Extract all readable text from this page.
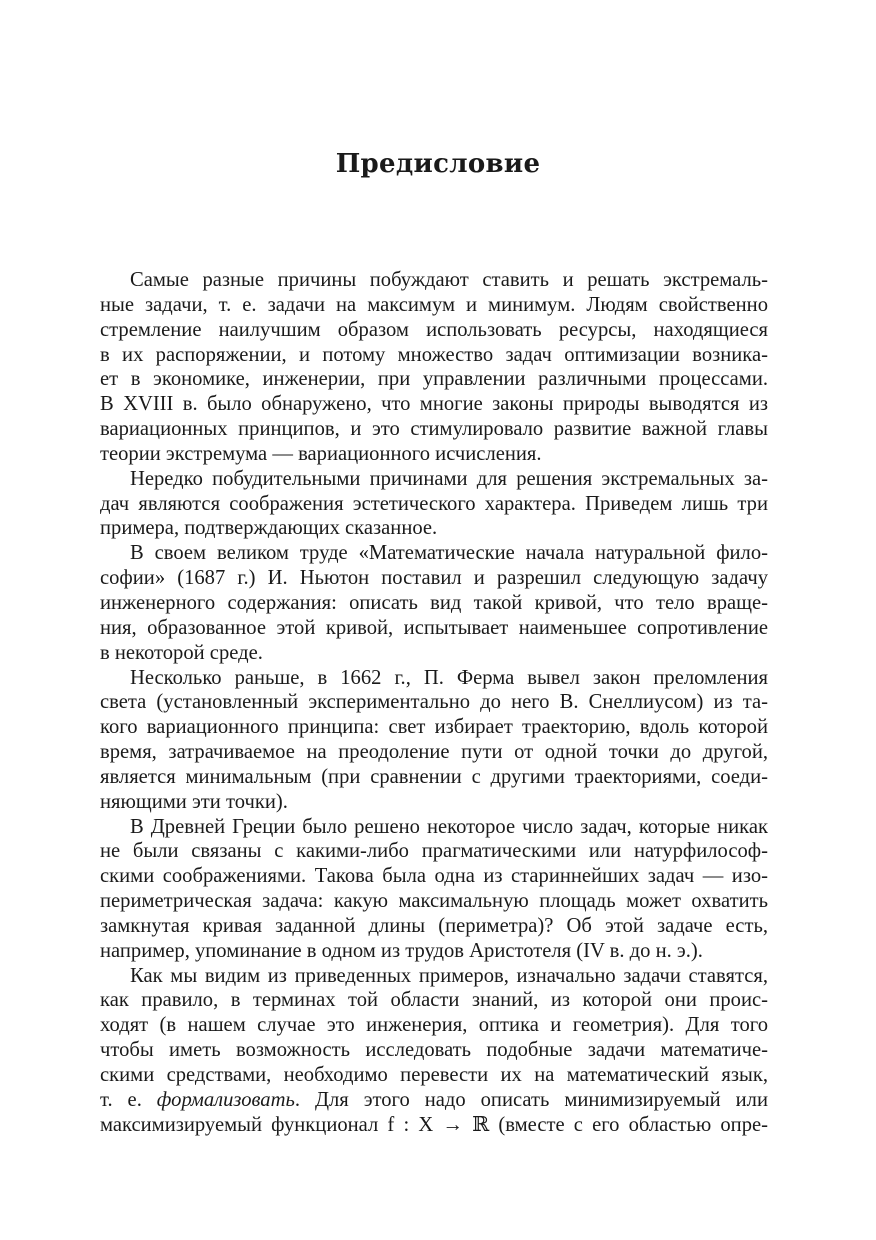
Предисловие
Самые разные причины побуждают ставить и решать экстремаль-
ные задачи, т. е. задачи на максимум и минимум. Людям свойственно
стремление наилучшим образом использовать ресурсы, находящиеся
в их распоряжении, и потому множество задач оптимизации возника-
ет в экономике, инженерии, при управлении различными процессами.
В XVIII в. было обнаружено, что многие законы природы выводятся из
вариационных принципов, и это стимулировало развитие важной главы
теории экстремума — вариационного исчисления.
Нередко побудительными причинами для решения экстремальных за-
дач являются соображения эстетического характера. Приведем лишь три
примера, подтверждающих сказанное.
В своем великом труде «Математические начала натуральной фило-
софии» (1687 г.) И. Ньютон поставил и разрешил следующую задачу
инженерного содержания: описать вид такой кривой, что тело враще-
ния, образованное этой кривой, испытывает наименьшее сопротивление
в некоторой среде.
Несколько раньше, в 1662 г., П. Ферма вывел закон преломления
света (установленный экспериментально до него В. Снеллиусом) из та-
кого вариационного принципа: свет избирает траекторию, вдоль которой
время, затрачиваемое на преодоление пути от одной точки до другой,
является минимальным (при сравнении с другими траекториями, соеди-
няющими эти точки).
В Древней Греции было решено некоторое число задач, которые никак
не были связаны с какими-либо прагматическими или натурфилософ-
скими соображениями. Такова была одна из стариннейших задач — изо-
периметрическая задача: какую максимальную площадь может охватить
замкнутая кривая заданной длины (периметра)? Об этой задаче есть,
например, упоминание в одном из трудов Аристотеля (IV в. до н. э.).
Как мы видим из приведенных примеров, изначально задачи ставятся,
как правило, в терминах той области знаний, из которой они проис-
ходят (в нашем случае это инженерия, оптика и геометрия). Для того
чтобы иметь возможность исследовать подобные задачи математиче-
скими средствами, необходимо перевести их на математический язык,
т. е. формализовать. Для этого надо описать минимизируемый или
максимизируемый функционал f : X → ℝ (вместе с его областью опре-
